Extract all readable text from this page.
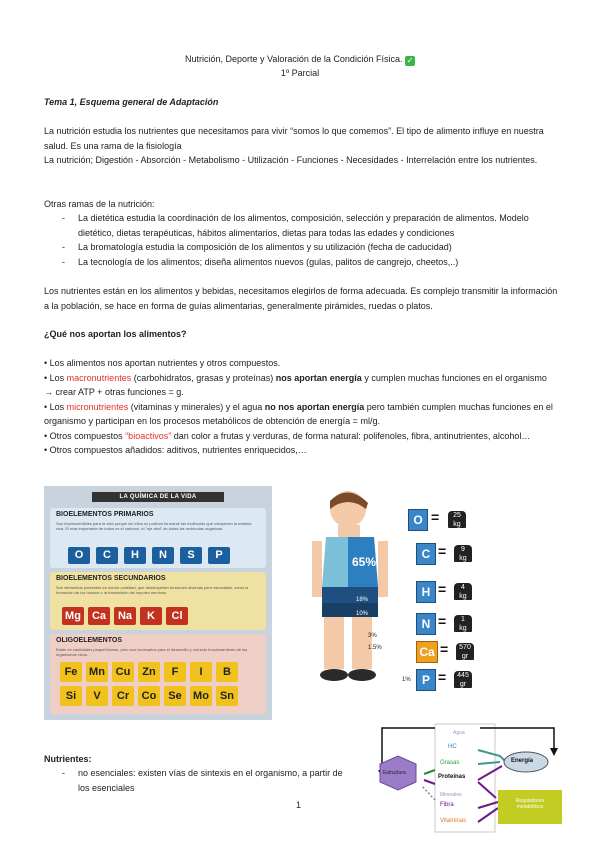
Nutrición, Deporte y Valoración de la Condición Física. ✓
1º Parcial
Tema 1, Esquema general de Adaptación
La nutrición estudia los nutrientes que necesitamos para vivir “somos lo que comemos”. El tipo de alimento influye en nuestra salud. Es una rama de la fisiología
La nutrición; Digestión - Absorción - Metabolismo - Utilización - Funciones - Necesidades - Interrelación entre los nutrientes.
Otras ramas de la nutrición:
- La dietética estudia la coordinación de los alimentos, composición, selección y preparación de alimentos. Modelo dietético, dietas terapéuticas, hábitos alimentarios, dietas para todas las edades y condiciones
- La bromatología estudia la composición de los alimentos y su utilización (fecha de caducidad)
- La tecnología de los alimentos; diseña alimentos nuevos (gulas, palitos de cangrejo, cheetos,..)
Los nutrientes están en los alimentos y bebidas, necesitamos elegirlos de forma adecuada. Es complejo transmitir la información a la población, se hace en forma de guías alimentarias, generalmente pirámides, ruedas o platos.
¿Qué nos aportan los alimentos?
• Los alimentos nos aportan nutrientes y otros compuestos.
• Los macronutrientes (carbohidratos, grasas y proteínas) nos aportan energía y cumplen muchas funciones en el organismo → crear ATP + otras funciones = g.
• Los micronutrientes (vitaminas y minerales) y el agua no nos aportan energía pero también cumplen muchas funciones en el organismo y participan en los procesos metabólicos de obtención de energía = ml/g.
• Otros compuestos “bioactivos” dan color a frutas y verduras, de forma natural: polifenoles, fibra, antinutrientes, alcohol…
• Otros compuestos añadidos: aditivos, nutrientes enriquecidos,…
LA QUÍMICA DE LA VIDA
BIOELEMENTOS PRIMARIOS
Son imprescindibles para la vida porque sin ellos no podrían formarse las moléculas que componen la materia viva. El más importante de todos es el carbono, el "eje vital" de todas las moléculas orgánicas.
O	C	H	N	S	P
BIOELEMENTOS SECUNDARIOS
Son elementos presentes en menor cantidad, que desempeñan funciones diversas pero esenciales, como la formación de los huesos o la transmisión del impulso nervioso.
Mg	Ca	Na	K	Cl
OLIGOELEMENTOS
Están en cantidades pequeñísimas, pero son necesarios para el desarrollo y correcto funcionamiento de los organismos vivos.
Fe	Mn Cu	Zn	F	I	B
Si	V	Cr	Co	Se	Mo	Sn
65%
18%
10%
3%
1.5%
1%
O =	25
kg
C =	9
kg
H =	4
kg
N =	1
kg
Ca =	570
gr
P =	445
gr
Nutrientes:
- no esenciales: existen vías de sintexis en el organismo, a partir de los esenciales
Agua
HC
Grasas
Proteínas
Minerales
Fibra
Vitaminas
Estructura
Energía
Reguladores metabólicos
1
